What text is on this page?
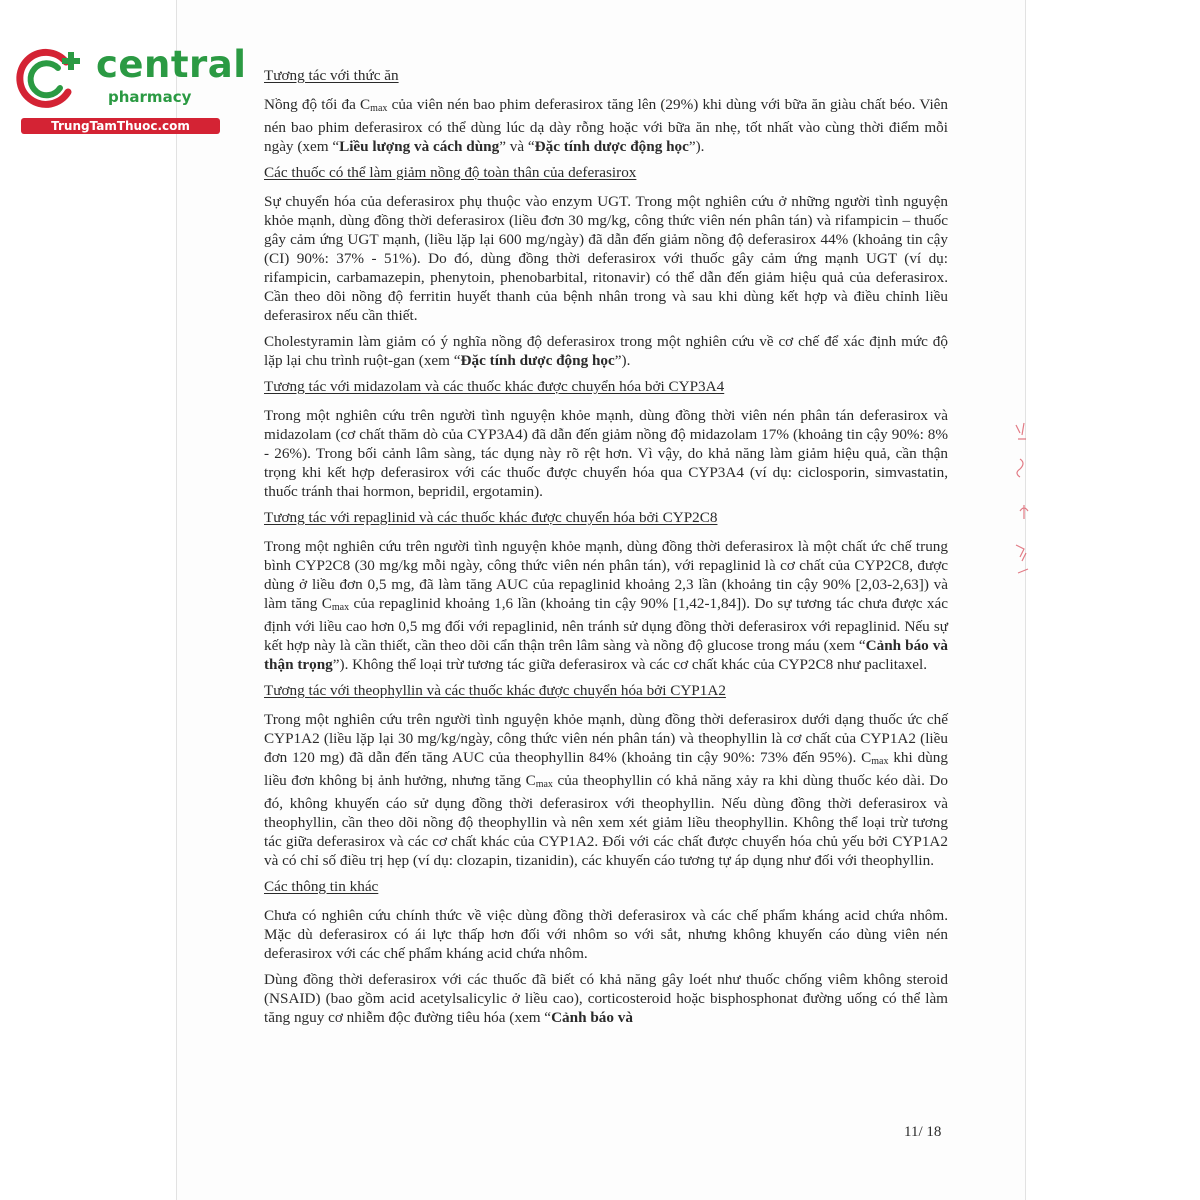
central
pharmacy
TrungTamThuoc.com
Tương tác với thức ăn

Nồng độ tối đa $C_{max}$ của viên nén bao phim deferasirox tăng lên (29%) khi dùng với bữa ăn giàu chất béo. Viên nén bao phim deferasirox có thể dùng lúc dạ dày rỗng hoặc với bữa ăn nhẹ, tốt nhất vào cùng thời điểm mỗi ngày (xem “Liều lượng và cách dùng” và “Đặc tính dược động học”).

Các thuốc có thể làm giảm nồng độ toàn thân của deferasirox

Sự chuyển hóa của deferasirox phụ thuộc vào enzym UGT. Trong một nghiên cứu ở những người tình nguyện khỏe mạnh, dùng đồng thời deferasirox (liều đơn 30 mg/kg, công thức viên nén phân tán) và rifampicin – thuốc gây cảm ứng UGT mạnh, (liều lặp lại 600 mg/ngày) đã dẫn đến giảm nồng độ deferasirox 44% (khoảng tin cậy (CI) 90%: 37% - 51%). Do đó, dùng đồng thời deferasirox với thuốc gây cảm ứng mạnh UGT (ví dụ: rifampicin, carbamazepin, phenytoin, phenobarbital, ritonavir) có thể dẫn đến giảm hiệu quả của deferasirox. Cần theo dõi nồng độ ferritin huyết thanh của bệnh nhân trong và sau khi dùng kết hợp và điều chỉnh liều deferasirox nếu cần thiết.

Cholestyramin làm giảm có ý nghĩa nồng độ deferasirox trong một nghiên cứu về cơ chế để xác định mức độ lặp lại chu trình ruột-gan (xem “Đặc tính dược động học”).

Tương tác với midazolam và các thuốc khác được chuyển hóa bởi CYP3A4

Trong một nghiên cứu trên người tình nguyện khỏe mạnh, dùng đồng thời viên nén phân tán deferasirox và midazolam (cơ chất thăm dò của CYP3A4) đã dẫn đến giảm nồng độ midazolam 17% (khoảng tin cậy 90%: 8% - 26%). Trong bối cảnh lâm sàng, tác dụng này rõ rệt hơn. Vì vậy, do khả năng làm giảm hiệu quả, cần thận trọng khi kết hợp deferasirox với các thuốc được chuyển hóa qua CYP3A4 (ví dụ: ciclosporin, simvastatin, thuốc tránh thai hormon, bepridil, ergotamin).

Tương tác với repaglinid và các thuốc khác được chuyển hóa bởi CYP2C8

Trong một nghiên cứu trên người tình nguyện khỏe mạnh, dùng đồng thời deferasirox là một chất ức chế trung bình CYP2C8 (30 mg/kg mỗi ngày, công thức viên nén phân tán), với repaglinid là cơ chất của CYP2C8, được dùng ở liều đơn 0,5 mg, đã làm tăng AUC của repaglinid khoảng 2,3 lần (khoảng tin cậy 90% [2,03-2,63]) và làm tăng $C_{max}$ của repaglinid khoảng 1,6 lần (khoảng tin cậy 90% [1,42-1,84]). Do sự tương tác chưa được xác định với liều cao hơn 0,5 mg đối với repaglinid, nên tránh sử dụng đồng thời deferasirox với repaglinid. Nếu sự kết hợp này là cần thiết, cần theo dõi cẩn thận trên lâm sàng và nồng độ glucose trong máu (xem “Cảnh báo và thận trọng”). Không thể loại trừ tương tác giữa deferasirox và các cơ chất khác của CYP2C8 như paclitaxel.

Tương tác với theophyllin và các thuốc khác được chuyển hóa bởi CYP1A2

Trong một nghiên cứu trên người tình nguyện khỏe mạnh, dùng đồng thời deferasirox dưới dạng thuốc ức chế CYP1A2 (liều lặp lại 30 mg/kg/ngày, công thức viên nén phân tán) và theophyllin là cơ chất của CYP1A2 (liều đơn 120 mg) đã dẫn đến tăng AUC của theophyllin 84% (khoảng tin cậy 90%: 73% đến 95%). $C_{max}$ khi dùng liều đơn không bị ảnh hưởng, nhưng tăng $C_{max}$ của theophyllin có khả năng xảy ra khi dùng thuốc kéo dài. Do đó, không khuyến cáo sử dụng đồng thời deferasirox với theophyllin. Nếu dùng đồng thời deferasirox và theophyllin, cần theo dõi nồng độ theophyllin và nên xem xét giảm liều theophyllin. Không thể loại trừ tương tác giữa deferasirox và các cơ chất khác của CYP1A2. Đối với các chất được chuyển hóa chủ yếu bởi CYP1A2 và có chỉ số điều trị hẹp (ví dụ: clozapin, tizanidin), các khuyến cáo tương tự áp dụng như đối với theophyllin.

Các thông tin khác

Chưa có nghiên cứu chính thức về việc dùng đồng thời deferasirox và các chế phẩm kháng acid chứa nhôm. Mặc dù deferasirox có ái lực thấp hơn đối với nhôm so với sắt, nhưng không khuyến cáo dùng viên nén deferasirox với các chế phẩm kháng acid chứa nhôm.

Dùng đồng thời deferasirox với các thuốc đã biết có khả năng gây loét như thuốc chống viêm không steroid (NSAID) (bao gồm acid acetylsalicylic ở liều cao), corticosteroid hoặc bisphosphonat đường uống có thể làm tăng nguy cơ nhiễm độc đường tiêu hóa (xem “Cảnh báo và

11/ 18
